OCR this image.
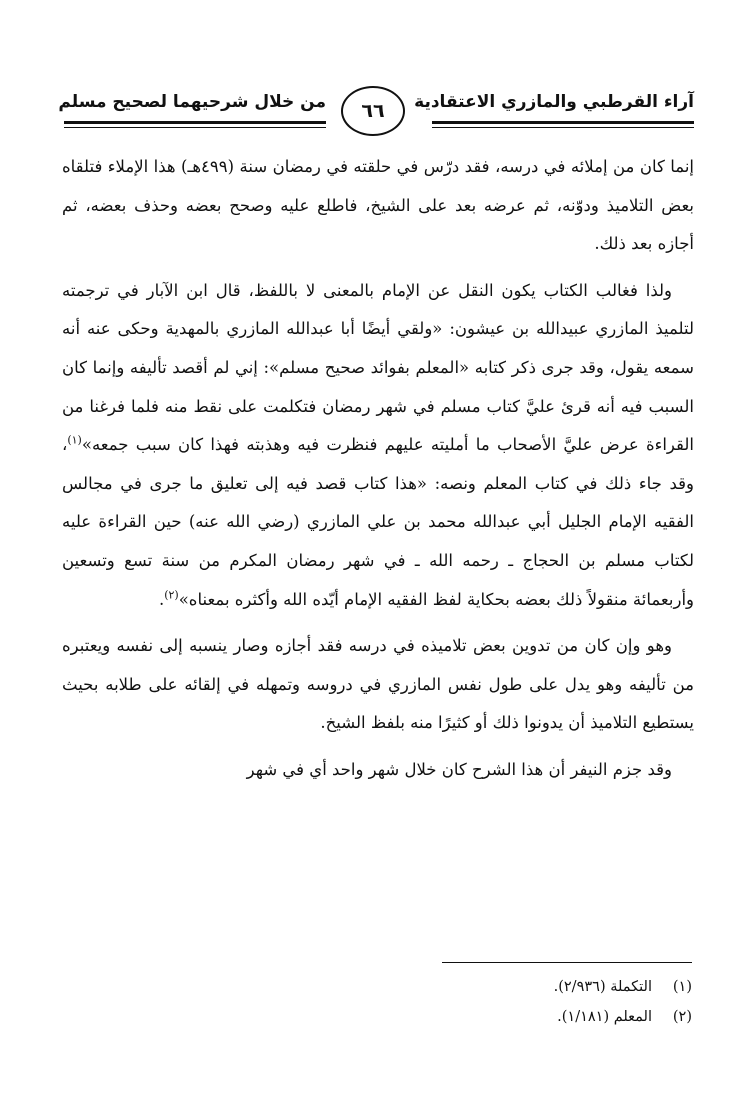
آراء القرطبي والمازري الاعتقادية
٦٦
من خلال شرحيهما لصحيح مسلم

إنما كان من إملائه في درسه، فقد درّس في حلقته في رمضان سنة (٤٩٩هـ) هذا الإملاء فتلقاه بعض التلاميذ ودوّنه، ثم عرضه بعد على الشيخ، فاطلع عليه وصحح بعضه وحذف بعضه، ثم أجازه بعد ذلك.

ولذا فغالب الكتاب يكون النقل عن الإمام بالمعنى لا باللفظ، قال ابن الآبار في ترجمته لتلميذ المازري عبيدالله بن عيشون: «ولقي أيضًا أبا عبدالله المازري بالمهدية وحكى عنه أنه سمعه يقول، وقد جرى ذكر كتابه «المعلم بفوائد صحيح مسلم»: إني لم أقصد تأليفه وإنما كان السبب فيه أنه قرئ عليَّ كتاب مسلم في شهر رمضان فتكلمت على نقط منه فلما فرغنا من القراءة عرض عليَّ الأصحاب ما أمليته عليهم فنظرت فيه وهذبته فهذا كان سبب جمعه»$^{(١)}$، وقد جاء ذلك في كتاب المعلم ونصه: «هذا كتاب قصد فيه إلى تعليق ما جرى في مجالس الفقيه الإمام الجليل أبي عبدالله محمد بن علي المازري (رضي الله عنه) حين القراءة عليه لكتاب مسلم بن الحجاج ـ رحمه الله ـ في شهر رمضان المكرم من سنة تسع وتسعين وأربعمائة منقولاً ذلك بعضه بحكاية لفظ الفقيه الإمام أيّده الله وأكثره بمعناه»$^{(٢)}$.

وهو وإن كان من تدوين بعض تلاميذه في درسه فقد أجازه وصار ينسبه إلى نفسه ويعتبره من تأليفه وهو يدل على طول نفس المازري في دروسه وتمهله في إلقائه على طلابه بحيث يستطيع التلاميذ أن يدونوا ذلك أو كثيرًا منه بلفظ الشيخ.

وقد جزم النيفر أن هذا الشرح كان خلال شهر واحد أي في شهر

(١)التكملة (٢/٩٣٦).
(٢)المعلم (١/١٨١).
